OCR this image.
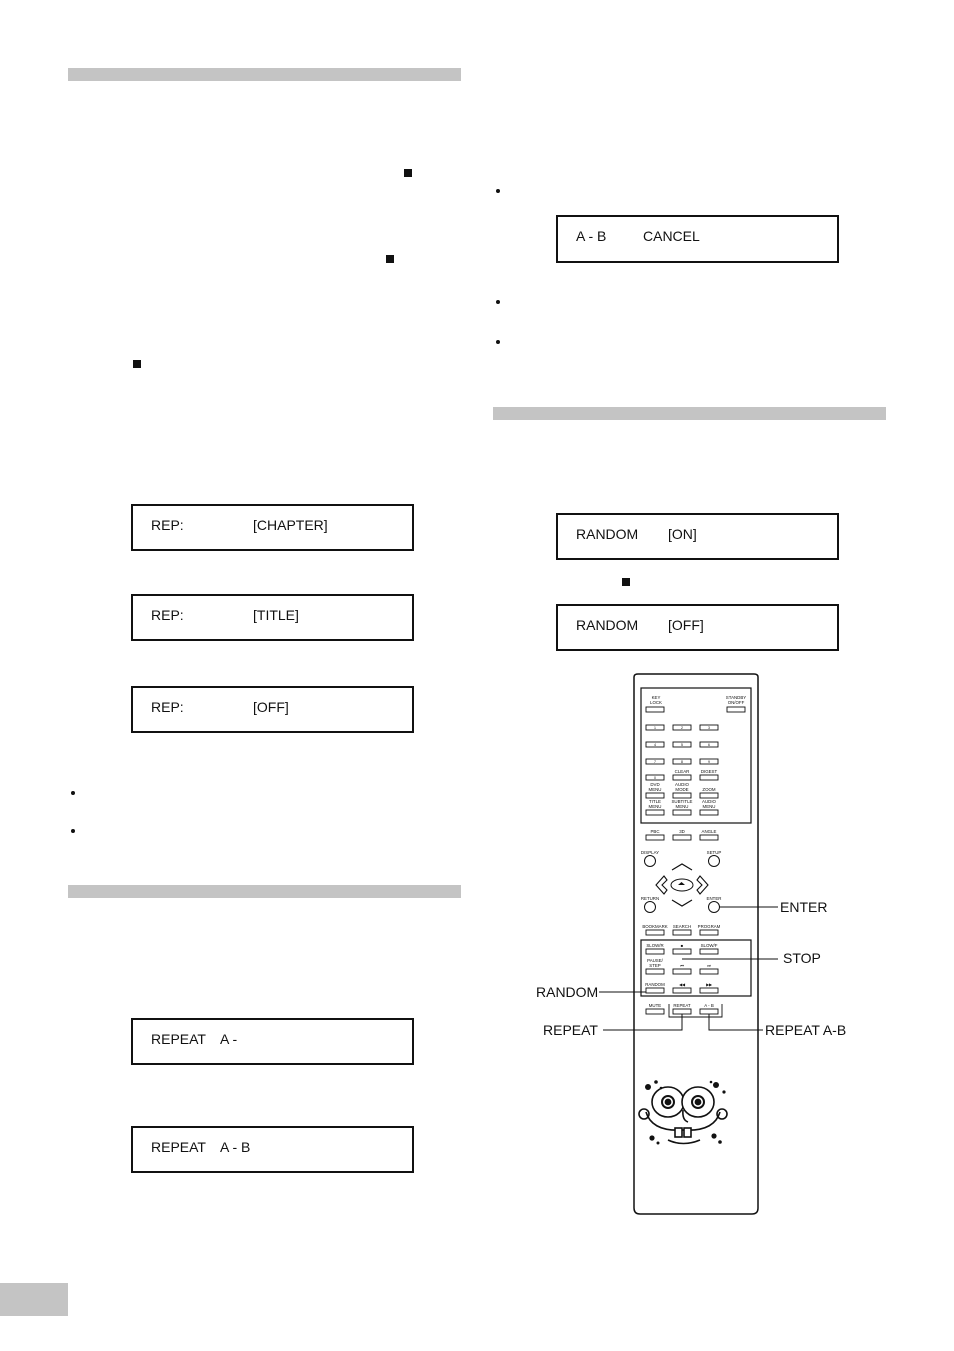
REP:	[CHAPTER]
REP:	[TITLE]
REP:	[OFF]
REPEAT A -
REPEAT A - B
A - B	CANCEL
RANDOM [ON]
RANDOM [OFF]
KEY
LOCK
STANDBY
ON/OFF
1	2	3
4	5	6
7	8	9
0
CLEAR	DIGEST
DVD
MENU
AUDIO
MODE	ZOOM
TITLE
MENU
SUBTITLE
MENU
AUDIO
MENU
PBC	3D	ANGLE
DISPLAY	SETUP
RETURN	ENTER
BOOKMARK SEARCH PROGRAM
SLOW/R	■	SLOW/F
PAUSE/
STEP	⏮	⏭
RANDOM	◀◀	▶▶
MUTE	REPEAT	A - B
ENTER
STOP
RANDOM
REPEAT	REPEAT A-B
